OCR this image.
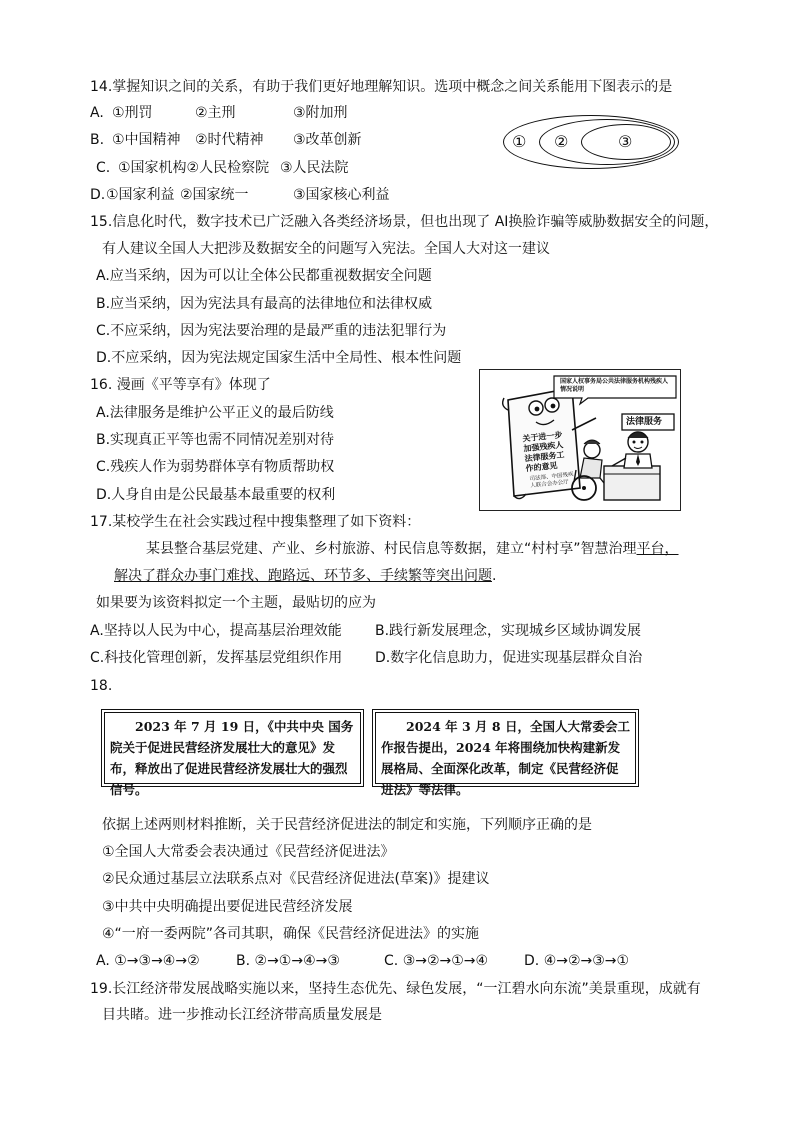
14.掌握知识之间的关系，有助于我们更好地理解知识。选项中概念之间关系能用下图表示的是
A. ①刑罚	②主刑	③附加刑
B. ①中国精神 ②时代精神 ③改革创新
C. ①国家机构②人民检察院 ③人民法院
D. ①国家利益 ②国家统一	③国家核心利益
① ②	③
15.信息化时代，数字技术已广泛融入各类经济场景，但也出现了 AI换脸诈骗等威胁数据安全的问题，
有人建议全国人大把涉及数据安全的问题写入宪法。全国人大对这一建议
A.应当采纳，因为可以让全体公民都重视数据安全问题
B.应当采纳，因为宪法具有最高的法律地位和法律权威
C.不应采纳，因为宪法要治理的是最严重的违法犯罪行为
D.不应采纳，因为宪法规定国家生活中全局性、根本性问题
16. 漫画《平等享有》体现了
A.法律服务是维护公平正义的最后防线
B.实现真正平等也需不同情况差别对待
C.残疾人作为弱势群体享有物质帮助权
D.人身自由是公民最基本最重要的权利
国家人权事务局公共法律服务机构残疾人情况说明
关于进一步加强残疾人法律服务工作的意见
司法部、中国残疾人联合会办公厅
法律服务
17.某校学生在社会实践过程中搜集整理了如下资料：
某县整合基层党建、产业、乡村旅游、村民信息等数据，建立“村村享”智慧治理平台，
解决了群众办事门难找、跑路远、环节多、手续繁等突出问题.
如果要为该资料拟定一个主题，最贴切的应为
A.坚持以人民为中心，提高基层治理效能 B.践行新发展理念，实现城乡区域协调发展
C.科技化管理创新，发挥基层党组织作用 D.数字化信息助力，促进实现基层群众自治
18.
2023 年 7 月 19 日，《中共中央 国务院关于促进民营经济发展壮大的意见》发布，释放出了促进民营经济发展壮大的强烈信号。
2024 年 3 月 8 日，全国人大常委会工作报告提出，2024 年将围绕加快构建新发展格局、全面深化改革，制定《民营经济促进法》等法律。
依据上述两则材料推断，关于民营经济促进法的制定和实施，下列顺序正确的是
①全国人大常委会表决通过《民营经济促进法》
②民众通过基层立法联系点对《民营经济促进法(草案)》提建议
③中共中央明确提出要促进民营经济发展
④“一府一委两院”各司其职，确保《民营经济促进法》的实施
A. ①→③→④→②	B. ②→①→④→③	C. ③→②→①→④	D. ④→②→③→①
19.长江经济带发展战略实施以来，坚持生态优先、绿色发展，“一江碧水向东流”美景重现，成就有
目共睹。进一步推动长江经济带高质量发展是
